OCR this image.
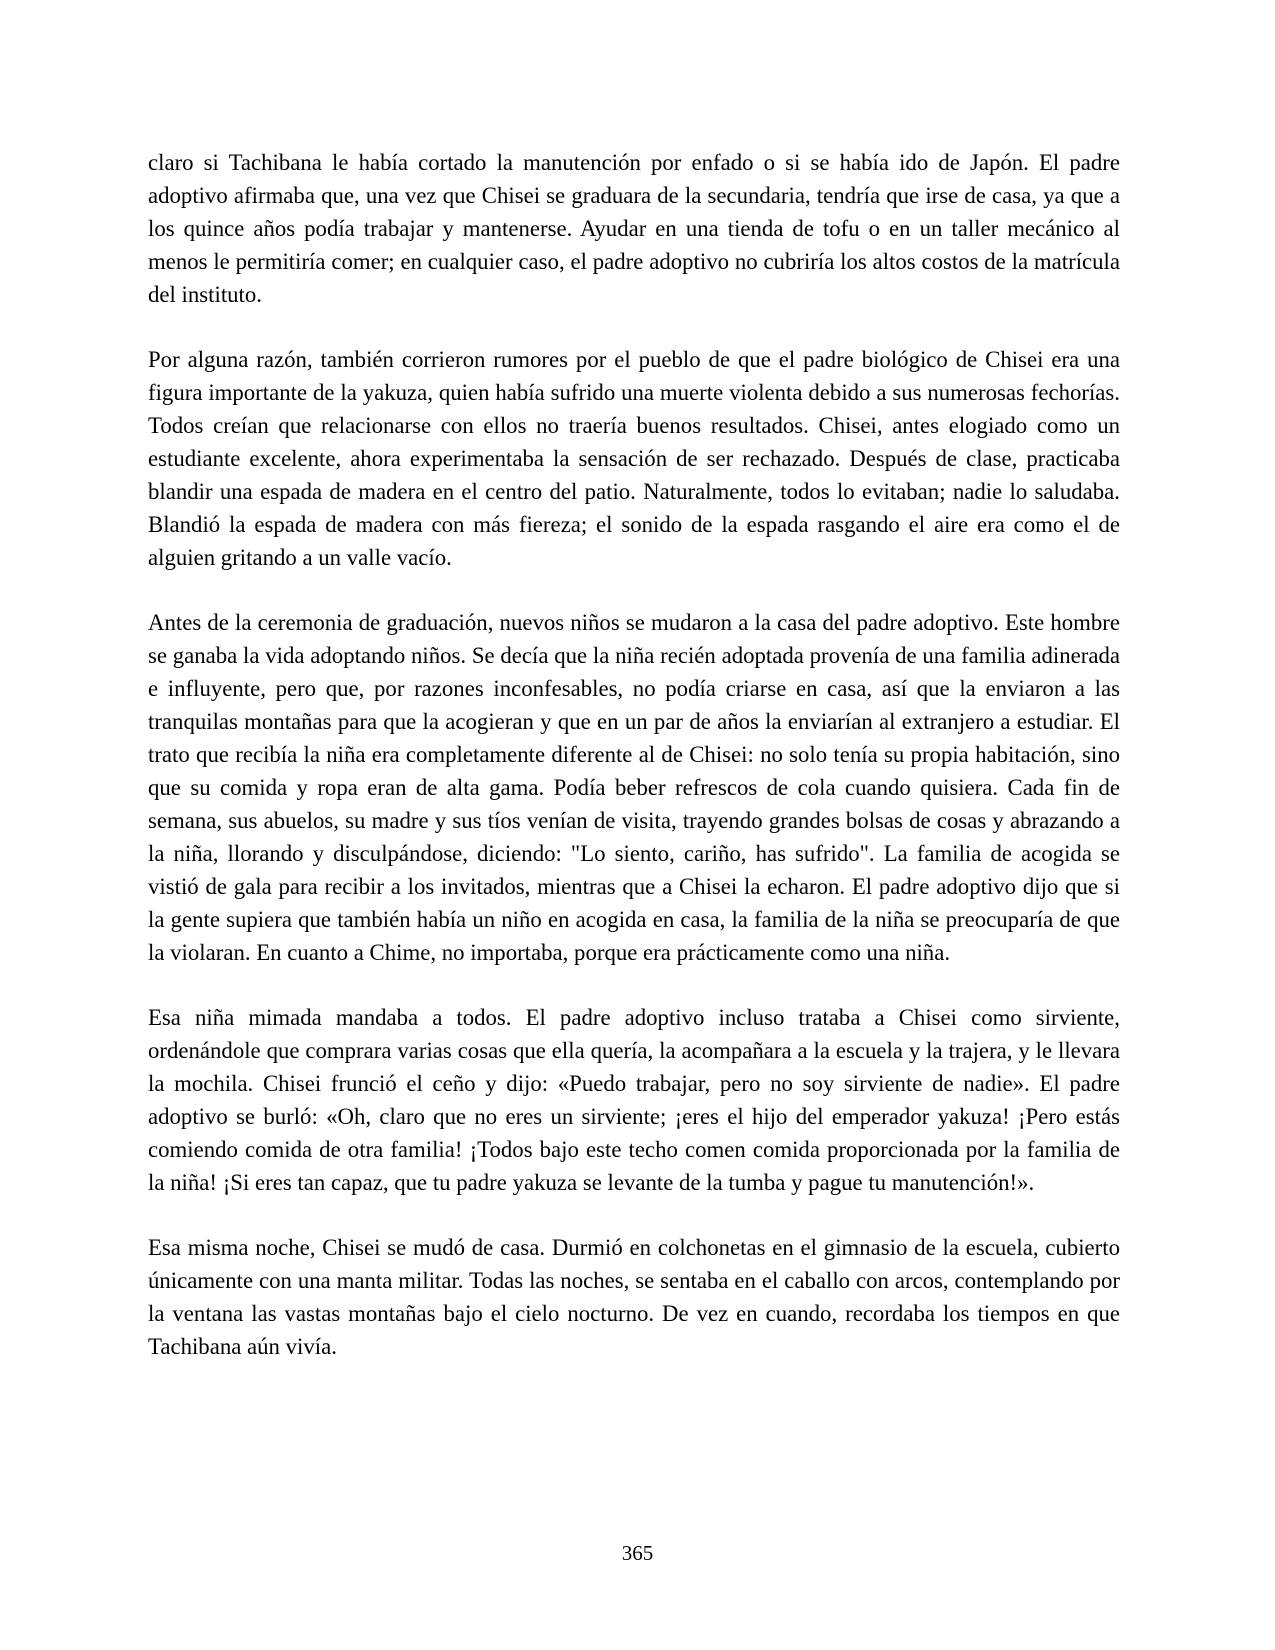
claro si Tachibana le había cortado la manutención por enfado o si se había ido de Japón. El padre adoptivo afirmaba que, una vez que Chisei se graduara de la secundaria, tendría que irse de casa, ya que a los quince años podía trabajar y mantenerse. Ayudar en una tienda de tofu o en un taller mecánico al menos le permitiría comer; en cualquier caso, el padre adoptivo no cubriría los altos costos de la matrícula del instituto.

Por alguna razón, también corrieron rumores por el pueblo de que el padre biológico de Chisei era una figura importante de la yakuza, quien había sufrido una muerte violenta debido a sus numerosas fechorías. Todos creían que relacionarse con ellos no traería buenos resultados. Chisei, antes elogiado como un estudiante excelente, ahora experimentaba la sensación de ser rechazado. Después de clase, practicaba blandir una espada de madera en el centro del patio. Naturalmente, todos lo evitaban; nadie lo saludaba. Blandió la espada de madera con más fiereza; el sonido de la espada rasgando el aire era como el de alguien gritando a un valle vacío.

Antes de la ceremonia de graduación, nuevos niños se mudaron a la casa del padre adoptivo. Este hombre se ganaba la vida adoptando niños. Se decía que la niña recién adoptada provenía de una familia adinerada e influyente, pero que, por razones inconfesables, no podía criarse en casa, así que la enviaron a las tranquilas montañas para que la acogieran y que en un par de años la enviarían al extranjero a estudiar. El trato que recibía la niña era completamente diferente al de Chisei: no solo tenía su propia habitación, sino que su comida y ropa eran de alta gama. Podía beber refrescos de cola cuando quisiera. Cada fin de semana, sus abuelos, su madre y sus tíos venían de visita, trayendo grandes bolsas de cosas y abrazando a la niña, llorando y disculpándose, diciendo: "Lo siento, cariño, has sufrido". La familia de acogida se vistió de gala para recibir a los invitados, mientras que a Chisei la echaron. El padre adoptivo dijo que si la gente supiera que también había un niño en acogida en casa, la familia de la niña se preocuparía de que la violaran. En cuanto a Chime, no importaba, porque era prácticamente como una niña.

Esa niña mimada mandaba a todos. El padre adoptivo incluso trataba a Chisei como sirviente, ordenándole que comprara varias cosas que ella quería, la acompañara a la escuela y la trajera, y le llevara la mochila. Chisei frunció el ceño y dijo: «Puedo trabajar, pero no soy sirviente de nadie». El padre adoptivo se burló: «Oh, claro que no eres un sirviente; ¡eres el hijo del emperador yakuza! ¡Pero estás comiendo comida de otra familia! ¡Todos bajo este techo comen comida proporcionada por la familia de la niña! ¡Si eres tan capaz, que tu padre yakuza se levante de la tumba y pague tu manutención!».

Esa misma noche, Chisei se mudó de casa. Durmió en colchonetas en el gimnasio de la escuela, cubierto únicamente con una manta militar. Todas las noches, se sentaba en el caballo con arcos, contemplando por la ventana las vastas montañas bajo el cielo nocturno. De vez en cuando, recordaba los tiempos en que Tachibana aún vivía.

365
